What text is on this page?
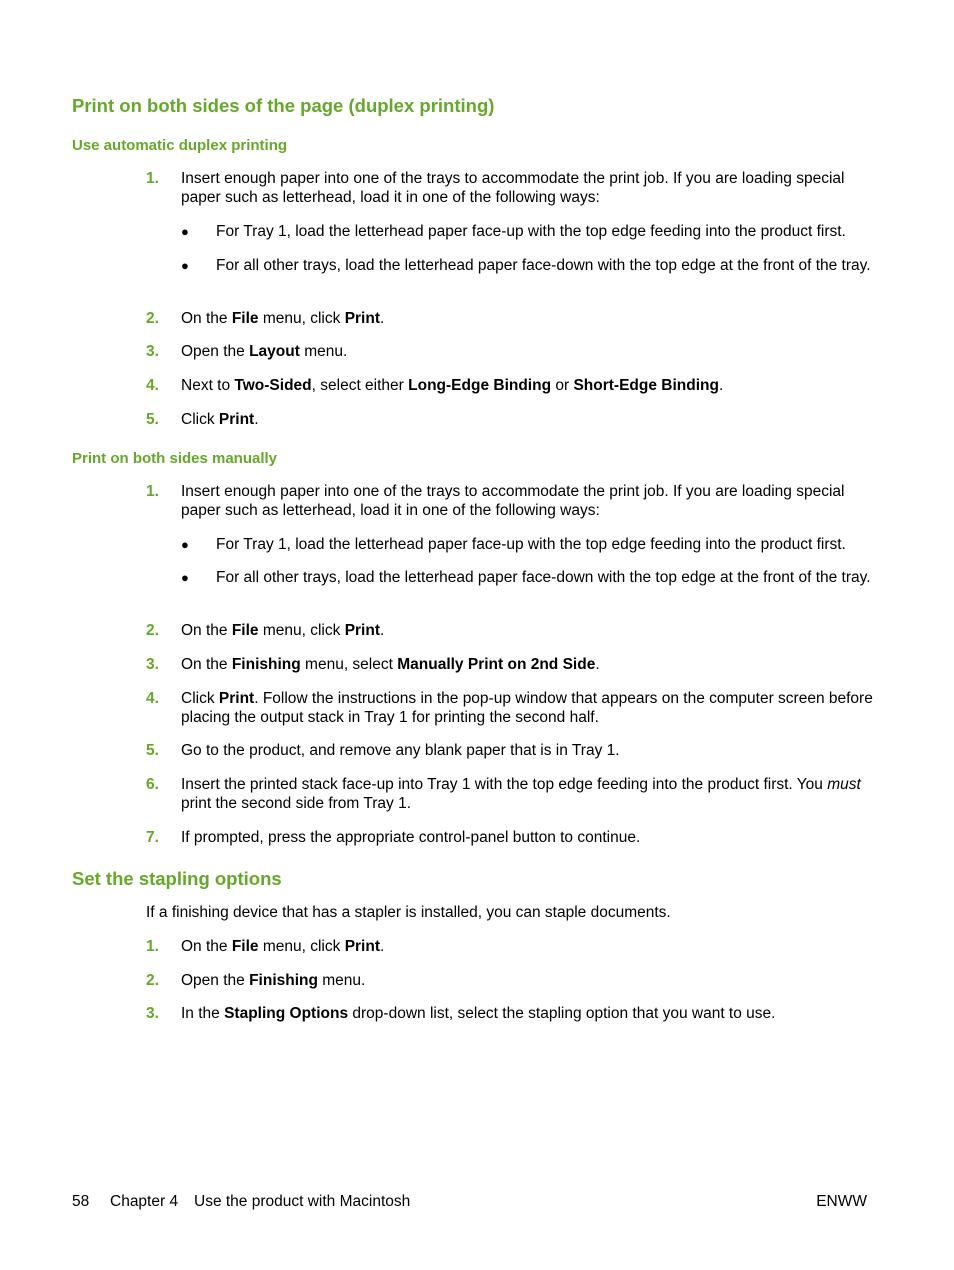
Print on both sides of the page (duplex printing)
Use automatic duplex printing
1. Insert enough paper into one of the trays to accommodate the print job. If you are loading special paper such as letterhead, load it in one of the following ways:
● For Tray 1, load the letterhead paper face-up with the top edge feeding into the product first.
● For all other trays, load the letterhead paper face-down with the top edge at the front of the tray.
2. On the File menu, click Print.
3. Open the Layout menu.
4. Next to Two-Sided, select either Long-Edge Binding or Short-Edge Binding.
5. Click Print.
Print on both sides manually
1. Insert enough paper into one of the trays to accommodate the print job. If you are loading special paper such as letterhead, load it in one of the following ways:
● For Tray 1, load the letterhead paper face-up with the top edge feeding into the product first.
● For all other trays, load the letterhead paper face-down with the top edge at the front of the tray.
2. On the File menu, click Print.
3. On the Finishing menu, select Manually Print on 2nd Side.
4. Click Print. Follow the instructions in the pop-up window that appears on the computer screen before placing the output stack in Tray 1 for printing the second half.
5. Go to the product, and remove any blank paper that is in Tray 1.
6. Insert the printed stack face-up into Tray 1 with the top edge feeding into the product first. You must print the second side from Tray 1.
7. If prompted, press the appropriate control-panel button to continue.
Set the stapling options
If a finishing device that has a stapler is installed, you can staple documents.
1. On the File menu, click Print.
2. Open the Finishing menu.
3. In the Stapling Options drop-down list, select the stapling option that you want to use.
58 Chapter 4 Use the product with Macintosh	ENWW
